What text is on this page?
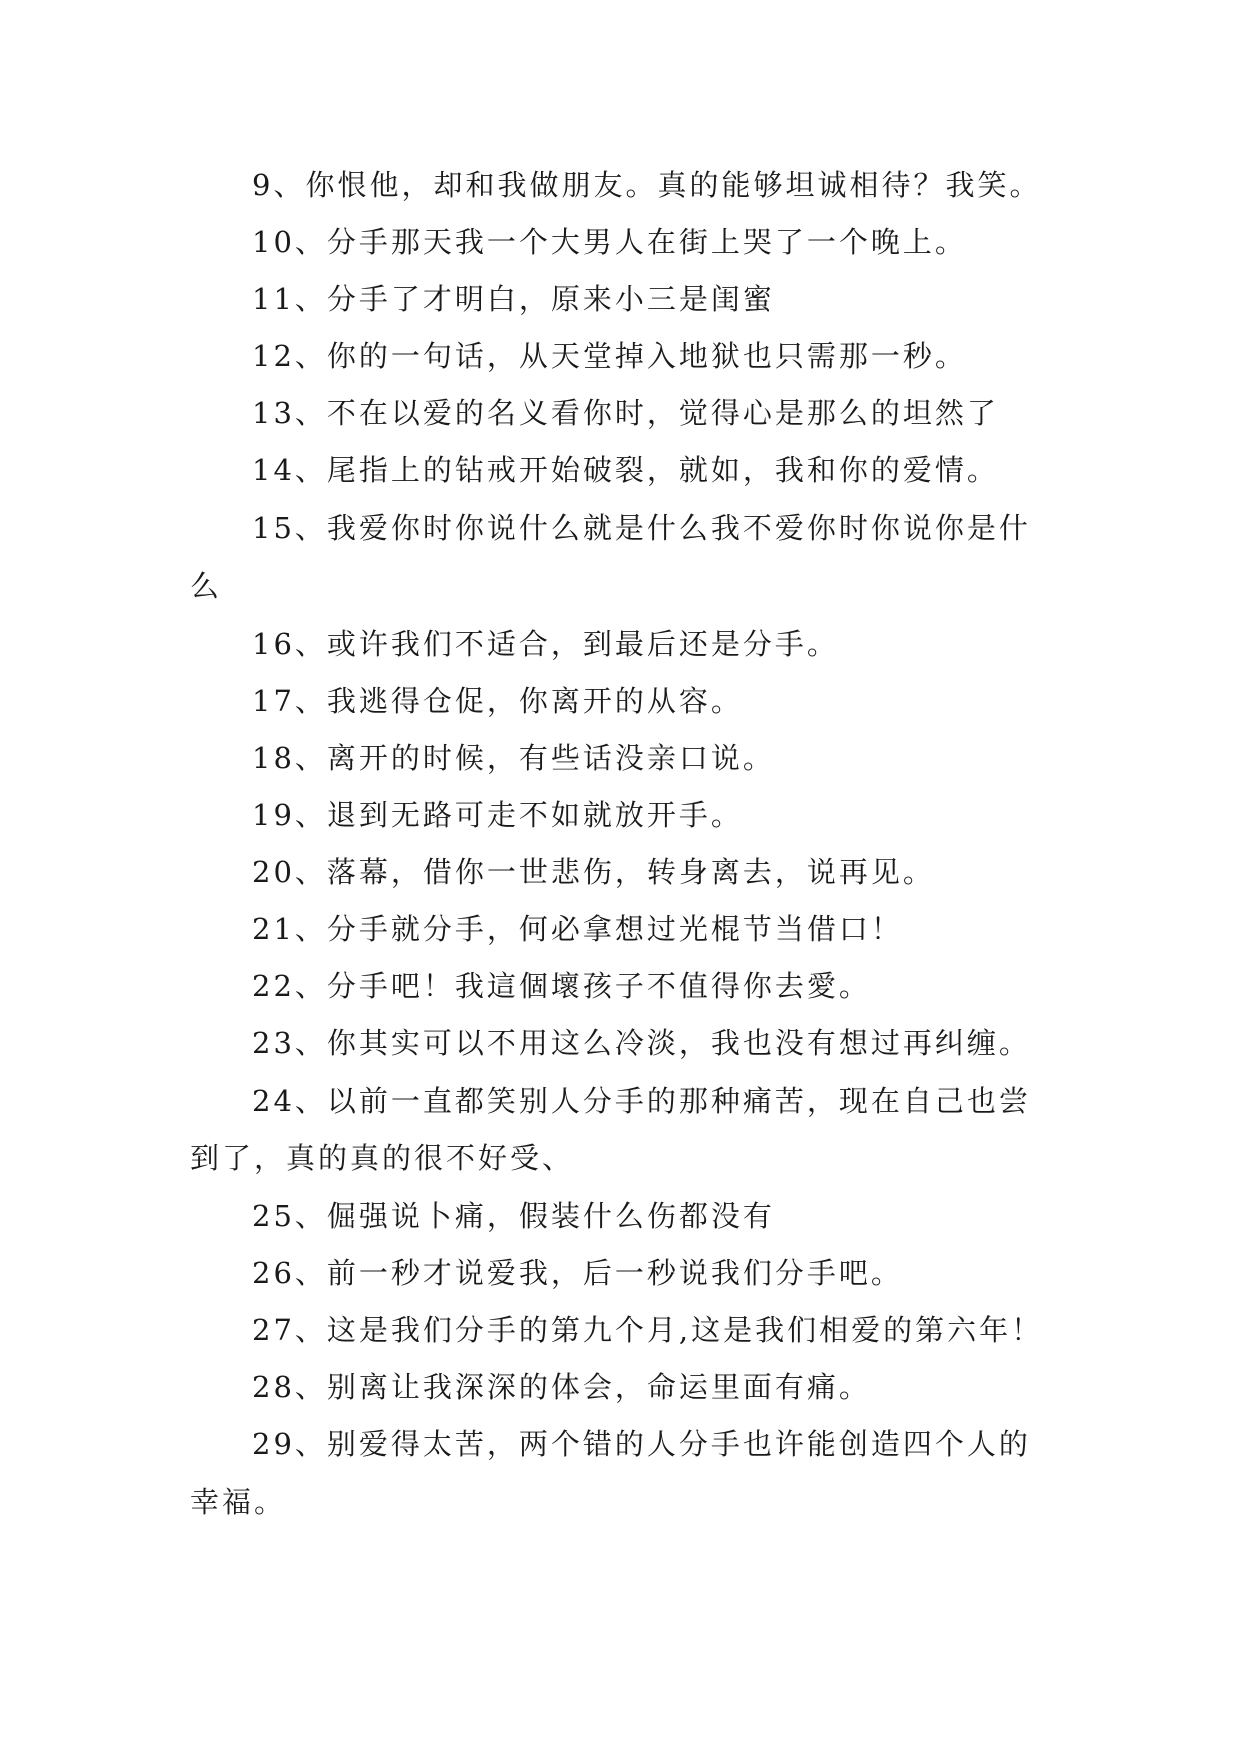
9、你恨他，却和我做朋友。真的能够坦诚相待？我笑。
10、分手那天我一个大男人在街上哭了一个晚上。
11、分手了才明白，原来小三是闺蜜
12、你的一句话，从天堂掉入地狱也只需那一秒。
13、不在以爱的名义看你时，觉得心是那么的坦然了
14、尾指上的钻戒开始破裂，就如，我和你的爱情。
15、我爱你时你说什么就是什么我不爱你时你说你是什
么
16、或许我们不适合，到最后还是分手。
17、我逃得仓促，你离开的从容。
18、离开的时候，有些话没亲口说。
19、退到无路可走不如就放开手。
20、落幕，借你一世悲伤，转身离去，说再见。
21、分手就分手，何必拿想过光棍节当借口！
22、分手吧！我這個壞孩子不值得你去愛。
23、你其实可以不用这么冷淡，我也没有想过再纠缠。
24、以前一直都笑别人分手的那种痛苦，现在自己也尝
到了，真的真的很不好受、
25、倔强说卜痛，假装什么伤都没有
26、前一秒才说爱我，后一秒说我们分手吧。
27、这是我们分手的第九个月,这是我们相爱的第六年！
28、别离让我深深的体会，命运里面有痛。
29、别爱得太苦，两个错的人分手也许能创造四个人的
幸福。
